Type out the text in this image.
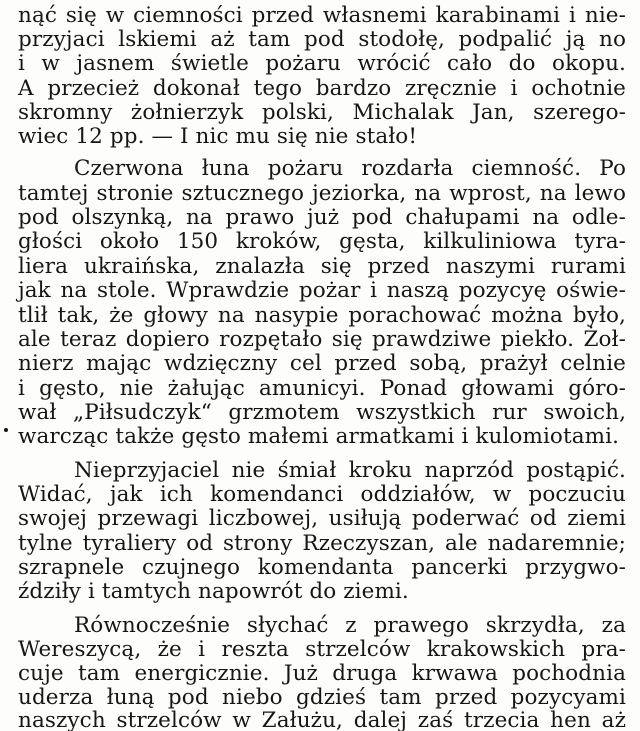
nąć się w ciemności przed własnemi karabinami i nie-
przyjaci lskiemi aż tam pod stodołę, podpalić ją no
i w jasnem świetle pożaru wrócić cało do okopu.
A przecież dokonał tego bardzo zręcznie i ochotnie
skromny żołnierzyk polski, Michalak Jan, szerego-
wiec 12 pp. — I nic mu się nie stało!
Czerwona łuna pożaru rozdarła ciemność. Po
tamtej stronie sztucznego jeziorka, na wprost, na lewo
pod olszynką, na prawo już pod chałupami na odle-
głości około 150 kroków, gęsta, kilkuliniowa tyra-
liera ukraińska, znalazła się przed naszymi rurami
jak na stole. Wprawdzie pożar i naszą pozycyę oświe-
tlił tak, że głowy na nasypie porachować można było,
ale teraz dopiero rozpętało się prawdziwe piekło. Żoł-
nierz mając wdzięczny cel przed sobą, prażył celnie
i gęsto, nie żałując amunicyi. Ponad głowami góro-
wał „Piłsudczyk“ grzmotem wszystkich rur swoich,
warcząc także gęsto małemi armatkami i kulomiotami.
Nieprzyjaciel nie śmiał kroku naprzód postąpić.
Widać, jak ich komendanci oddziałów, w poczuciu
swojej przewagi liczbowej, usiłują poderwać od ziemi
tylne tyraliery od strony Rzeczyszan, ale nadaremnie;
szrapnele czujnego komendanta pancerki przygwo-
ździły i tamtych napowrót do ziemi.
Równocześnie słychać z prawego skrzydła, za
Wereszycą, że i reszta strzelców krakowskich pra-
cuje tam energicznie. Już druga krwawa pochodnia
uderza łuną pod niebo gdzieś tam przed pozycyami
naszych strzelców w Załużu, dalej zaś trzecia hen aż
